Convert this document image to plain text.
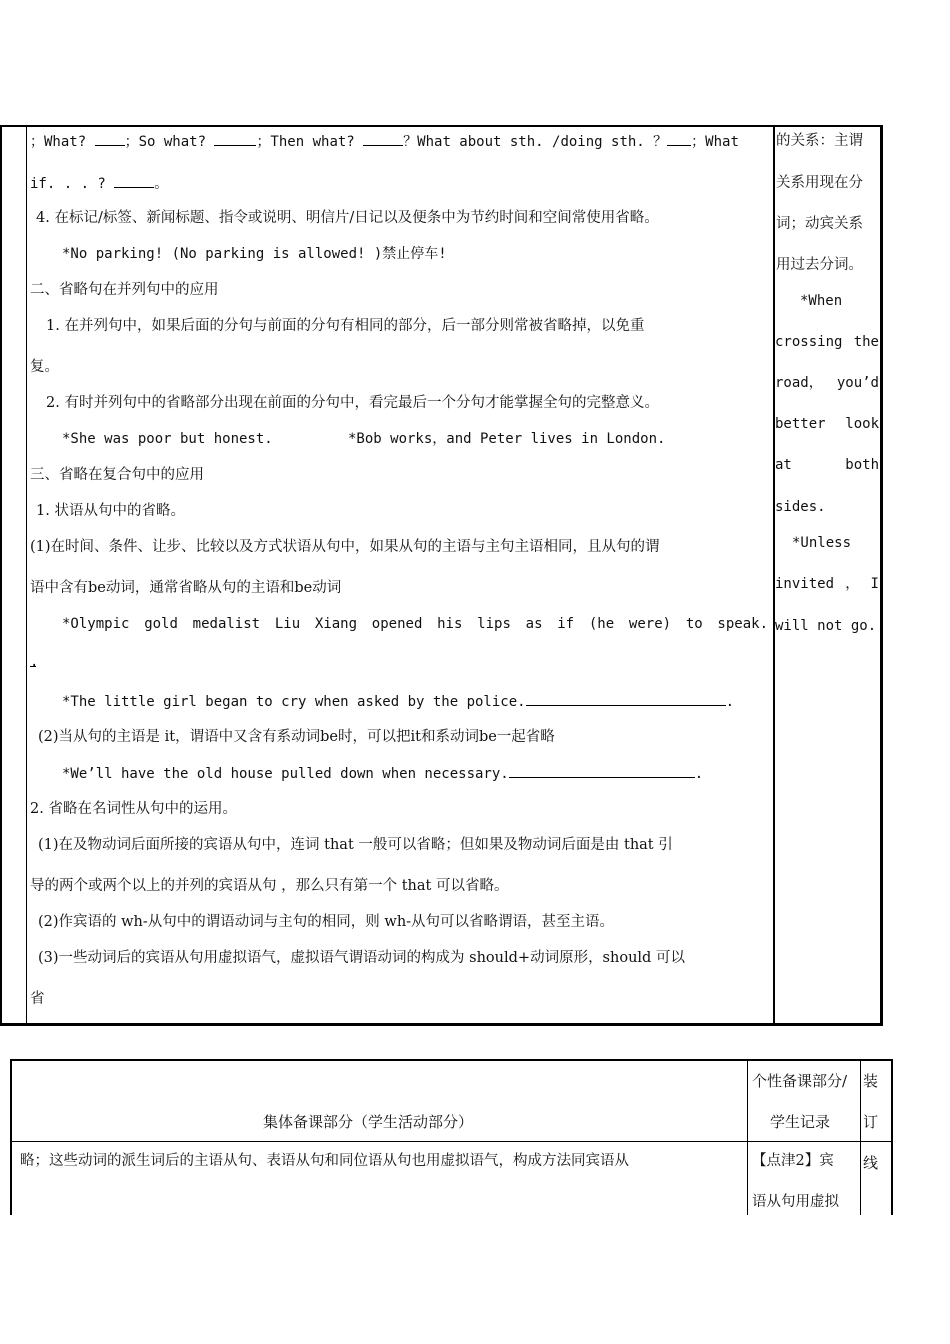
；What? ；So what?	；Then what?	？What about sth. /doing sth. ？ ；What
if. . . ?	。
4. 在标记/标签、新闻标题、指令或说明、明信片/日记以及便条中为节约时间和空间常使用省略。
*No parking! (No parking is allowed! )禁止停车!
二、省略句在并列句中的应用
1. 在并列句中，如果后面的分句与前面的分句有相同的部分，后一部分则常被省略掉，以免重
复。
2. 有时并列句中的省略部分出现在前面的分句中，看完最后一个分句才能掌握全句的完整意义。
*She was poor but honest.	*Bob works，and Peter lives in London.
三、省略在复合句中的应用
1. 状语从句中的省略。
(1)在时间、条件、让步、比较以及方式状语从句中，如果从句的主语与主句主语相同，且从句的谓
语中含有be动词，通常省略从句的主语和be动词
*Olympic gold medalist Liu Xiang opened his lips as if (he were) to speak.
.
*The little girl began to cry when asked by the police.	.
(2)当从句的主语是 it，谓语中又含有系动词be时，可以把it和系动词be一起省略
*We’ll have the old house pulled down when necessary.	.
2. 省略在名词性从句中的运用。
(1)在及物动词后面所接的宾语从句中，连词 that 一般可以省略；但如果及物动词后面是由 that 引
导的两个或两个以上的并列的宾语从句 ，那么只有第一个 that 可以省略。
(2)作宾语的 wh-从句中的谓语动词与主句的相同，则 wh-从句可以省略谓语，甚至主语。
(3)一些动词后的宾语从句用虚拟语气，虚拟语气谓语动词的构成为 should+动词原形，should 可以
省
的关系：主谓
关系用现在分
词；动宾关系
用过去分词。
*When
crossing the
road， you’d
better look
at	both
sides.
*Unless
invited ， I
will not go.
集体备课部分（学生活动部分）
个性备课部分/
学生记录
装
订
线
略；这些动词的派生词后的主语从句、表语从句和同位语从句也用虚拟语气，构成方法同宾语从	【点津2】宾
语从句用虚拟
